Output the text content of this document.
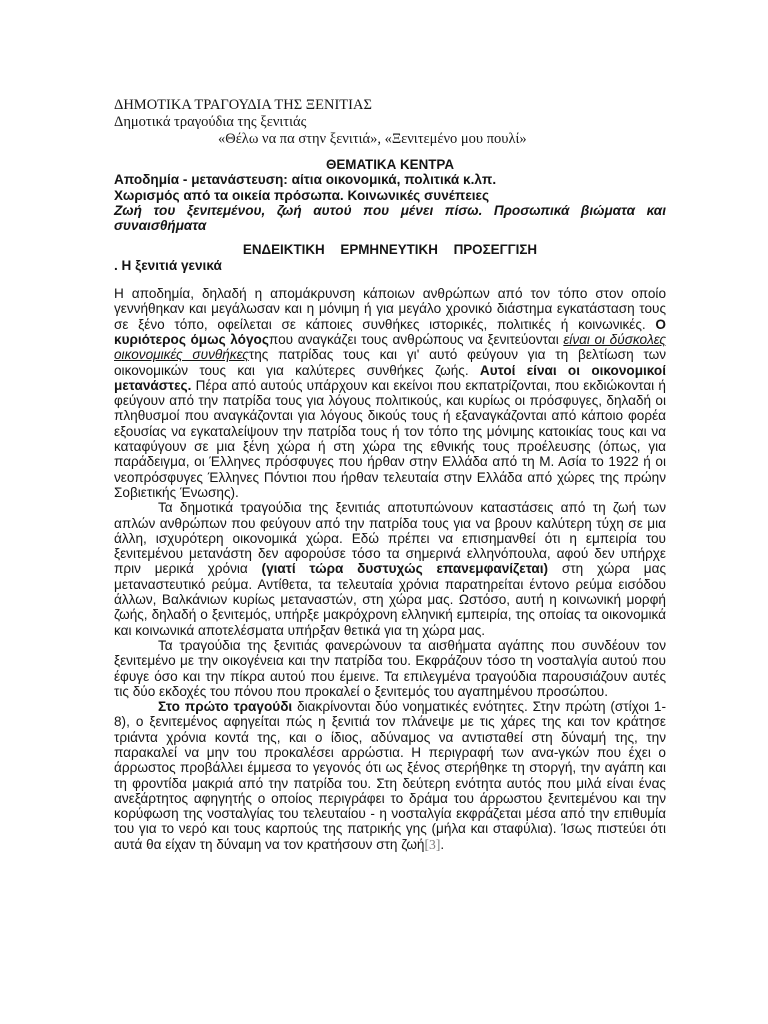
ΔΗΜΟΤΙΚΑ ΤΡΑΓΟΥΔΙΑ ΤΗΣ ΞΕΝΙΤΙΑΣ
Δημοτικά τραγούδια της ξενιτιάς
«Θέλω να πα στην ξενιτιά», «Ξενιτεμένο μου πουλί»
ΘΕΜΑΤΙΚΑ ΚΕΝΤΡΑ
Αποδημία - μετανάστευση: αίτια οικονομικά, πολιτικά κ.λπ.
Χωρισμός από τα οικεία πρόσωπα. Κοινωνικές συνέπειες
Ζωή του ξενιτεμένου, ζωή αυτού που μένει πίσω. Προσωπικά βιώματα και συναισθήματα
ΕΝΔΕΙΚΤΙΚΗ ΕΡΜΗΝΕΥΤΙΚΗ ΠΡΟΣΕΓΓΙΣΗ
. Η ξενιτιά γενικά

Η αποδημία, δηλαδή η απομάκρυνση κάποιων ανθρώπων από τον τόπο στον οποίο γεννήθηκαν και μεγάλωσαν και η μόνιμη ή για μεγάλο χρονικό διάστημα εγκατάσταση τους σε ξένο τόπο, οφείλεται σε κάποιες συνθήκες ιστορικές, πολιτικές ή κοινωνικές. Ο κυριότερος όμως λόγοςπου αναγκάζει τους ανθρώπους να ξενιτεύονται είναι οι δύσκολες οικονομικές συνθήκεςτης πατρίδας τους και γι' αυτό φεύγουν για τη βελτίωση των οικονομικών τους και για καλύτερες συνθήκες ζωής. Αυτοί είναι οι οικονομικοί μετανάστες. Πέρα από αυτούς υπάρχουν και εκείνοι που εκπατρίζονται, που εκδιώκονται ή φεύγουν από την πατρίδα τους για λόγους πολιτικούς, και κυρίως οι πρόσφυγες, δηλαδή οι πληθυσμοί που αναγκάζονται για λόγους δικούς τους ή εξαναγκάζονται από κάποιο φορέα εξουσίας να εγκαταλείψουν την πατρίδα τους ή τον τόπο της μόνιμης κατοικίας τους και να καταφύγουν σε μια ξένη χώρα ή στη χώρα της εθνικής τους προέλευσης (όπως, για παράδειγμα, οι Έλληνες πρόσφυγες που ήρθαν στην Ελλάδα από τη Μ. Ασία το 1922 ή οι νεοπρόσφυγες Έλληνες Πόντιοι που ήρθαν τελευταία στην Ελλάδα από χώρες της πρώην Σοβιετικής Ένωσης).

Τα δημοτικά τραγούδια της ξενιτιάς αποτυπώνουν καταστάσεις από τη ζωή των απλών ανθρώπων που φεύγουν από την πατρίδα τους για να βρουν καλύτερη τύχη σε μια άλλη, ισχυρότερη οικονομικά χώρα. Εδώ πρέπει να επισημανθεί ότι η εμπειρία του ξενιτεμένου μετανάστη δεν αφορούσε τόσο τα σημερινά ελληνόπουλα, αφού δεν υπήρχε πριν μερικά χρόνια (γιατί τώρα δυστυχώς επανεμφανίζεται) στη χώρα μας μεταναστευτικό ρεύμα. Αντίθετα, τα τελευταία χρόνια παρατηρείται έντονο ρεύμα εισόδου άλλων, Βαλκάνιων κυρίως μεταναστών, στη χώρα μας. Ωστόσο, αυτή η κοινωνική μορφή ζωής, δηλαδή ο ξενιτεμός, υπήρξε μακρόχρονη ελληνική εμπειρία, της οποίας τα οικονομικά και κοινωνικά αποτελέσματα υπήρξαν θετικά για τη χώρα μας.

Τα τραγούδια της ξενιτιάς φανερώνουν τα αισθήματα αγάπης που συνδέουν τον ξενιτεμένο με την οικογένεια και την πατρίδα του. Εκφράζουν τόσο τη νοσταλγία αυτού που έφυγε όσο και την πίκρα αυτού που έμεινε. Τα επιλεγμένα τραγούδια παρουσιάζουν αυτές τις δύο εκδοχές του πόνου που προκαλεί ο ξενιτεμός του αγαπημένου προσώπου.

Στο πρώτο τραγούδι διακρίνονται δύο νοηματικές ενότητες. Στην πρώτη (στίχοι 1-8), ο ξενιτεμένος αφηγείται πώς η ξενιτιά τον πλάνεψε με τις χάρες της και τον κράτησε τριάντα χρόνια κοντά της, και ο ίδιος, αδύναμος να αντισταθεί στη δύναμή της, την παρακαλεί να μην του προκαλέσει αρρώστια. Η περιγραφή των ανα-γκών που έχει ο άρρωστος προβάλλει έμμεσα το γεγονός ότι ως ξένος στερήθηκε τη στοργή, την αγάπη και τη φροντίδα μακριά από την πατρίδα του. Στη δεύτερη ενότητα αυτός που μιλά είναι ένας ανεξάρτητος αφηγητής ο οποίος περιγράφει το δράμα του άρρωστου ξενιτεμένου και την κορύφωση της νοσταλγίας του τελευταίου - η νοσταλγία εκφράζεται μέσα από την επιθυμία του για το νερό και τους καρπούς της πατρικής γης (μήλα και σταφύλια). Ίσως πιστεύει ότι αυτά θα είχαν τη δύναμη να τον κρατήσουν στη ζωή[3].
